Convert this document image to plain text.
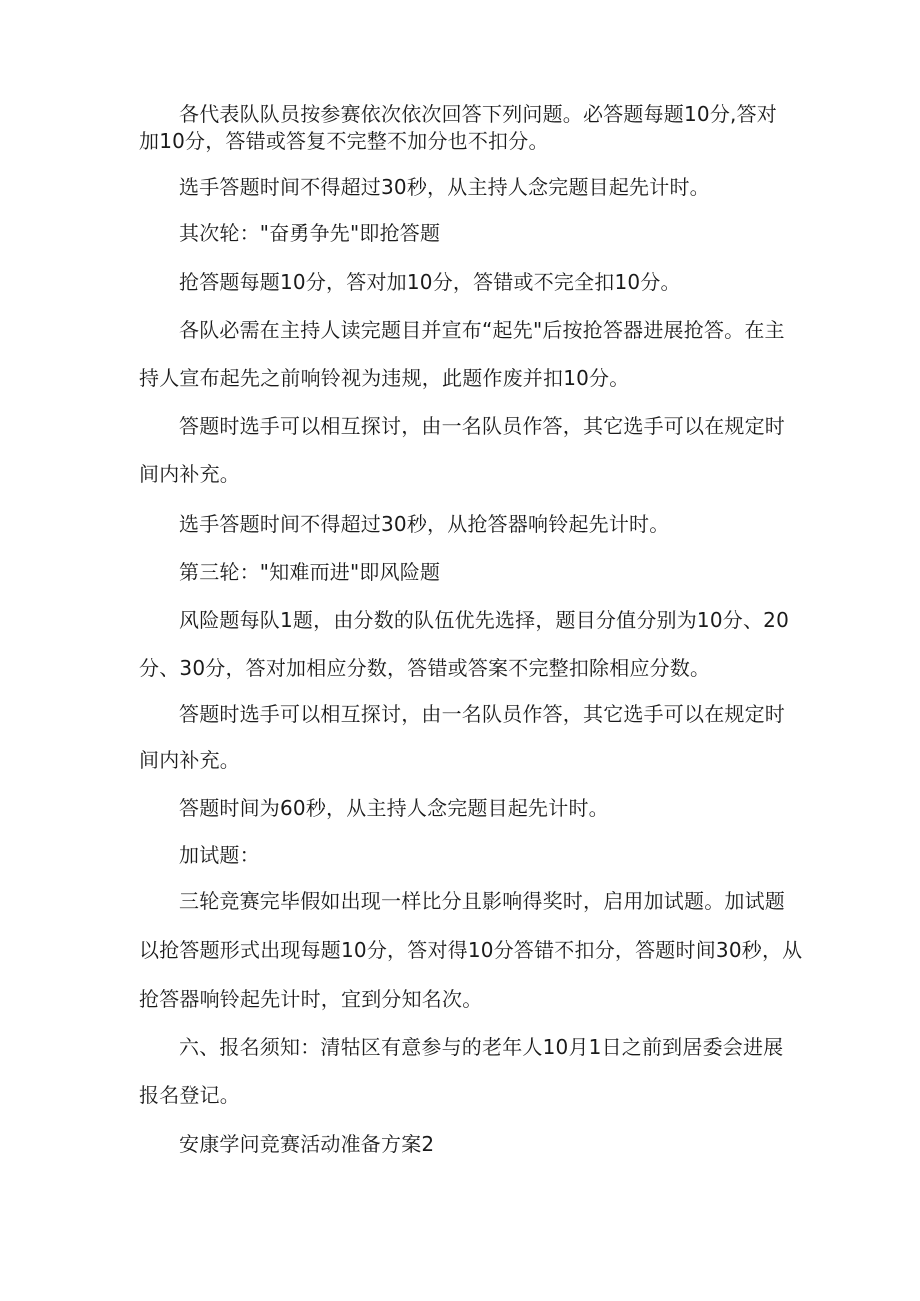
各代表队队员按参赛依次依次回答下列问题。必答题每题10分,答对
加10分，答错或答复不完整不加分也不扣分。
选手答题时间不得超过30秒，从主持人念完题目起先计时。
其次轮："奋勇争先"即抢答题
抢答题每题10分，答对加10分，答错或不完全扣10分。
各队必需在主持人读完题目并宣布“起先"后按抢答器进展抢答。在主
持人宣布起先之前响铃视为违规，此题作废并扣10分。
答题时选手可以相互探讨，由一名队员作答，其它选手可以在规定时
间内补充。
选手答题时间不得超过30秒，从抢答器响铃起先计时。
第三轮："知难而进"即风险题
风险题每队1题，由分数的队伍优先选择，题目分值分别为10分、20
分、30分，答对加相应分数，答错或答案不完整扣除相应分数。
答题时选手可以相互探讨，由一名队员作答，其它选手可以在规定时
间内补充。
答题时间为60秒，从主持人念完题目起先计时。
加试题：
三轮竞赛完毕假如出现一样比分且影响得奖时，启用加试题。加试题
以抢答题形式出现每题10分，答对得10分答错不扣分，答题时间30秒，从
抢答器响铃起先计时，宜到分知名次。
六、报名须知：清牯区有意参与的老年人10月1日之前到居委会进展
报名登记。
安康学问竞赛活动准备方案2
